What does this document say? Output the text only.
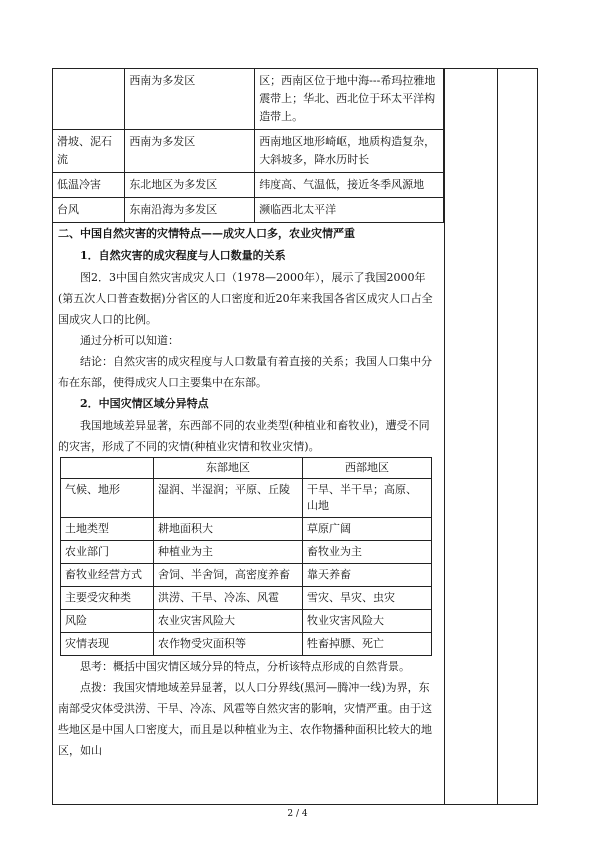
	西南为多发区	区；西南区位于地中海---希玛拉雅地震带上；华北、西北位于环太平洋构造带上。
滑坡、泥石流	西南为多发区	西南地区地形崎岖，地质构造复杂，大斜坡多，降水历时长
低温冷害	东北地区为多发区	纬度高、气温低，接近冬季风源地
台风	东南沿海为多发区	濒临西北太平洋

二、中国自然灾害的灾情特点——成灾人口多，农业灾情严重

1．自然灾害的成灾程度与人口数量的关系

图2．3中国自然灾害成灾人口（1978—2000年），展示了我国2000年(第五次人口普查数据)分省区的人口密度和近20年来我国各省区成灾人口占全国成灾人口的比例。

通过分析可以知道：

结论：自然灾害的成灾程度与人口数量有着直接的关系；我国人口集中分布在东部，使得成灾人口主要集中在东部。

2．中国灾情区域分异特点

我国地域差异显著，东西部不同的农业类型(种植业和畜牧业)，遭受不同的灾害，形成了不同的灾情(种植业灾情和牧业灾情)。

	东部地区	西部地区
气候、地形	湿润、半湿润；平原、丘陵	干旱、半干旱；高原、山地
土地类型	耕地面积大	草原广阔
农业部门	种植业为主	畜牧业为主
畜牧业经营方式	舍饲、半舍饲，高密度养畜	靠天养畜
主要受灾种类	洪涝、干旱、冷冻、风雹	雪灾、旱灾、虫灾
风险	农业灾害风险大	牧业灾害风险大
灾情表现	农作物受灾面积等	牲畜掉膘、死亡

思考：概括中国灾情区域分异的特点，分析该特点形成的自然背景。

点拨：我国灾情地域差异显著，以人口分界线(黑河—腾冲一线)为界，东南部受灾体受洪涝、干旱、冷冻、风雹等自然灾害的影响，灾情严重。由于这些地区是中国人口密度大，而且是以种植业为主、农作物播种面积比较大的地区，如山

2 / 4
